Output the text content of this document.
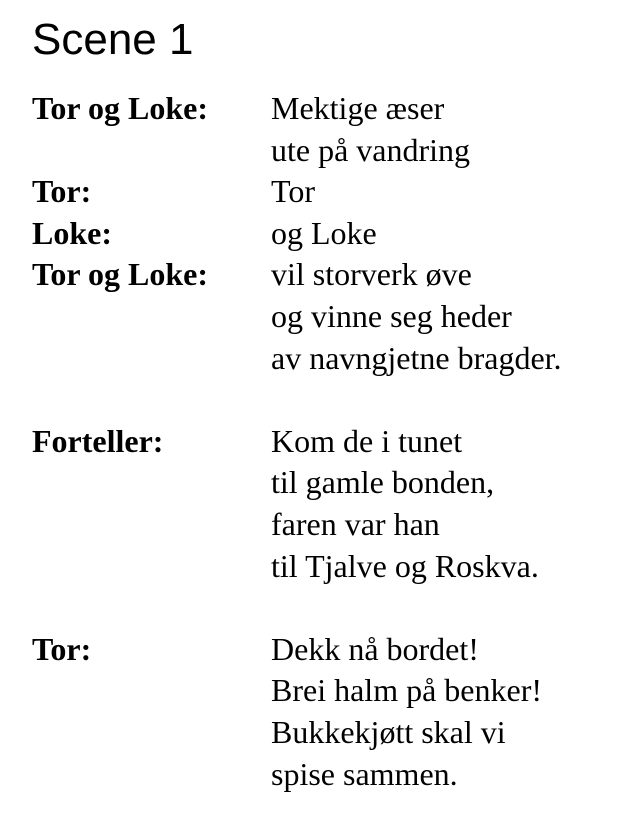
Scene 1
Tor og Loke:	Mektige æser
ute på vandring
Tor:	Tor
Loke:	og Loke
Tor og Loke:	vil storverk øve
og vinne seg heder
av navngjetne bragder.
Forteller:	Kom de i tunet
til gamle bonden,
faren var han
til Tjalve og Roskva.
Tor:	Dekk nå bordet!
Brei halm på benker!
Bukkekjøtt skal vi
spise sammen.
